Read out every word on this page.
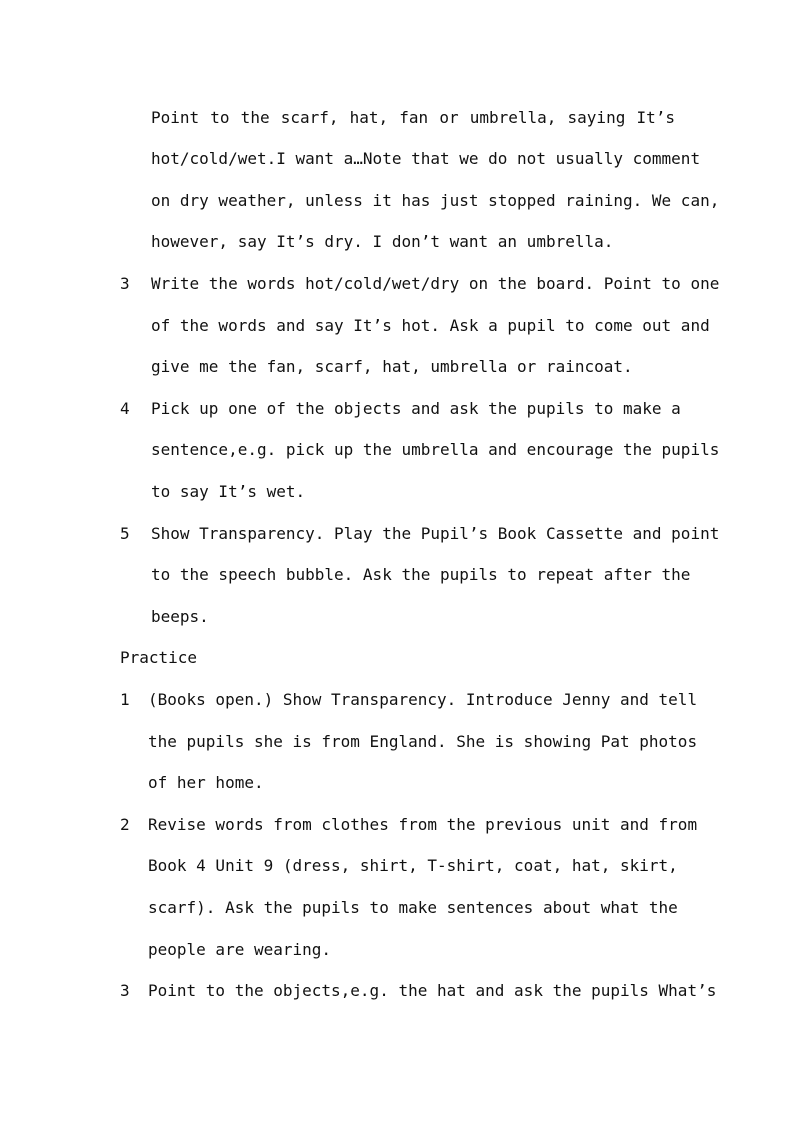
Point to the scarf, hat, fan or umbrella, saying It’s
hot/cold/wet.I want a…Note that we do not usually comment
on dry weather, unless it has just stopped raining. We can,
however, say It’s dry. I don’t want an umbrella.
3	Write the words hot/cold/wet/dry on the board. Point to one
of the words and say It’s hot. Ask a pupil to come out and
give me the fan, scarf, hat, umbrella or raincoat.
4	Pick up one of the objects and ask the pupils to make a
sentence,e.g. pick up the umbrella and encourage the pupils
to say It’s wet.
5	Show Transparency. Play the Pupil’s Book Cassette and point
to the speech bubble. Ask the pupils to repeat after the
beeps.
Practice
1	(Books open.) Show Transparency. Introduce Jenny and tell
the pupils she is from England. She is showing Pat photos
of her home.
2	Revise words from clothes from the previous unit and from
Book 4 Unit 9 (dress, shirt, T-shirt, coat, hat, skirt,
scarf). Ask the pupils to make sentences about what the
people are wearing.
3	Point to the objects,e.g. the hat and ask the pupils What’s
